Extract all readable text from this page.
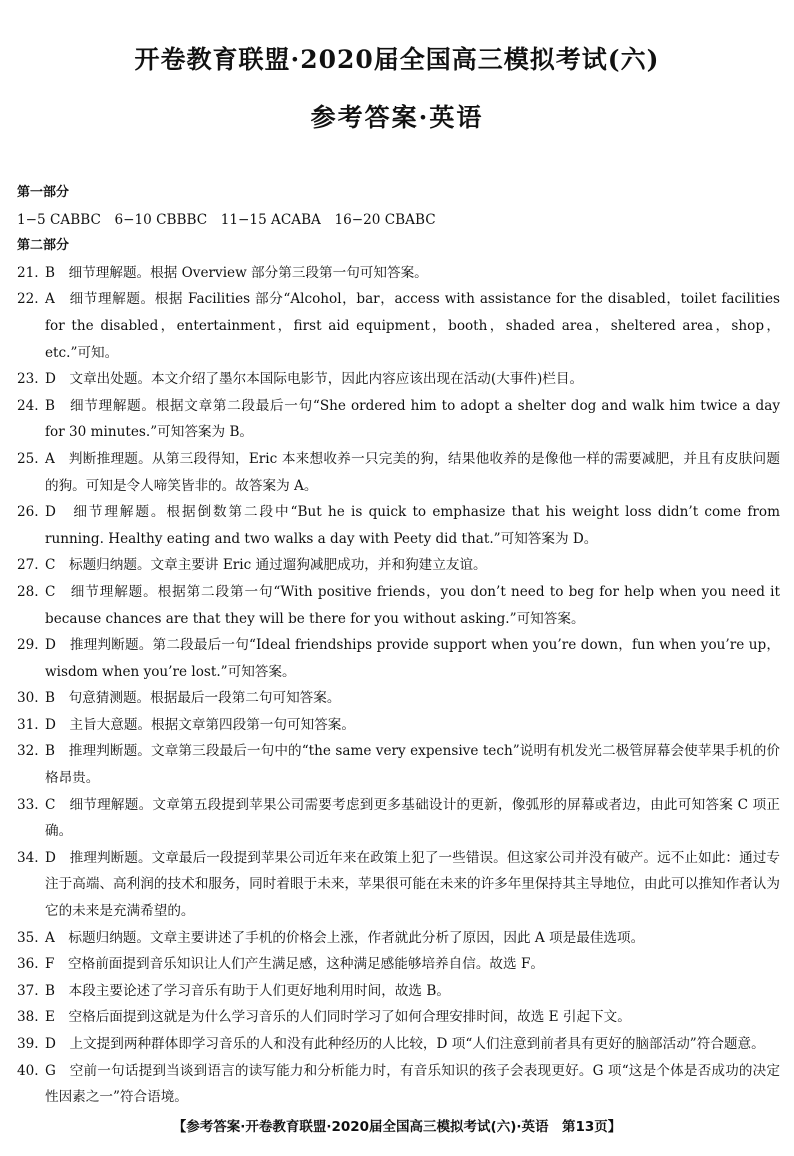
开卷教育联盟·2020届全国高三模拟考试(六)
参考答案·英语
第一部分
1−5 CABBC　6−10 CBBBC　11−15 ACABA　16−20 CBABC
第二部分
21. B　细节理解题。根据 Overview 部分第三段第一句可知答案。
22. A　细节理解题。根据 Facilities 部分“Alcohol，bar，access with assistance for the disabled，toilet facilities for the disabled，entertainment，first aid equipment，booth，shaded area，sheltered area，shop，etc.”可知。
23. D　文章出处题。本文介绍了墨尔本国际电影节，因此内容应该出现在活动(大事件)栏目。
24. B　细节理解题。根据文章第二段最后一句“She ordered him to adopt a shelter dog and walk him twice a day for 30 minutes.”可知答案为 B。
25. A　判断推理题。从第三段得知，Eric 本来想收养一只完美的狗，结果他收养的是像他一样的需要减肥，并且有皮肤问题的狗。可知是令人啼笑皆非的。故答案为 A。
26. D　细节理解题。根据倒数第二段中“But he is quick to emphasize that his weight loss didn’t come from running. Healthy eating and two walks a day with Peety did that.”可知答案为 D。
27. C　标题归纳题。文章主要讲 Eric 通过遛狗减肥成功，并和狗建立友谊。
28. C　细节理解题。根据第二段第一句“With positive friends，you don’t need to beg for help when you need it because chances are that they will be there for you without asking.”可知答案。
29. D　推理判断题。第二段最后一句“Ideal friendships provide support when you’re down，fun when you’re up，wisdom when you’re lost.”可知答案。
30. B　句意猜测题。根据最后一段第二句可知答案。
31. D　主旨大意题。根据文章第四段第一句可知答案。
32. B　推理判断题。文章第三段最后一句中的“the same very expensive tech”说明有机发光二极管屏幕会使苹果手机的价格昂贵。
33. C　细节理解题。文章第五段提到苹果公司需要考虑到更多基础设计的更新，像弧形的屏幕或者边，由此可知答案 C 项正确。
34. D　推理判断题。文章最后一段提到苹果公司近年来在政策上犯了一些错误。但这家公司并没有破产。远不止如此：通过专注于高端、高利润的技术和服务，同时着眼于未来，苹果很可能在未来的许多年里保持其主导地位，由此可以推知作者认为它的未来是充满希望的。
35. A　标题归纳题。文章主要讲述了手机的价格会上涨，作者就此分析了原因，因此 A 项是最佳选项。
36. F　空格前面提到音乐知识让人们产生满足感，这种满足感能够培养自信。故选 F。
37. B　本段主要论述了学习音乐有助于人们更好地利用时间，故选 B。
38. E　空格后面提到这就是为什么学习音乐的人们同时学习了如何合理安排时间，故选 E 引起下文。
39. D　上文提到两种群体即学习音乐的人和没有此种经历的人比较，D 项“人们注意到前者具有更好的脑部活动”符合题意。
40. G　空前一句话提到当谈到语言的读写能力和分析能力时，有音乐知识的孩子会表现更好。G 项“这是个体是否成功的决定性因素之一”符合语境。
【参考答案·开卷教育联盟·2020届全国高三模拟考试(六)·英语　第13页】
